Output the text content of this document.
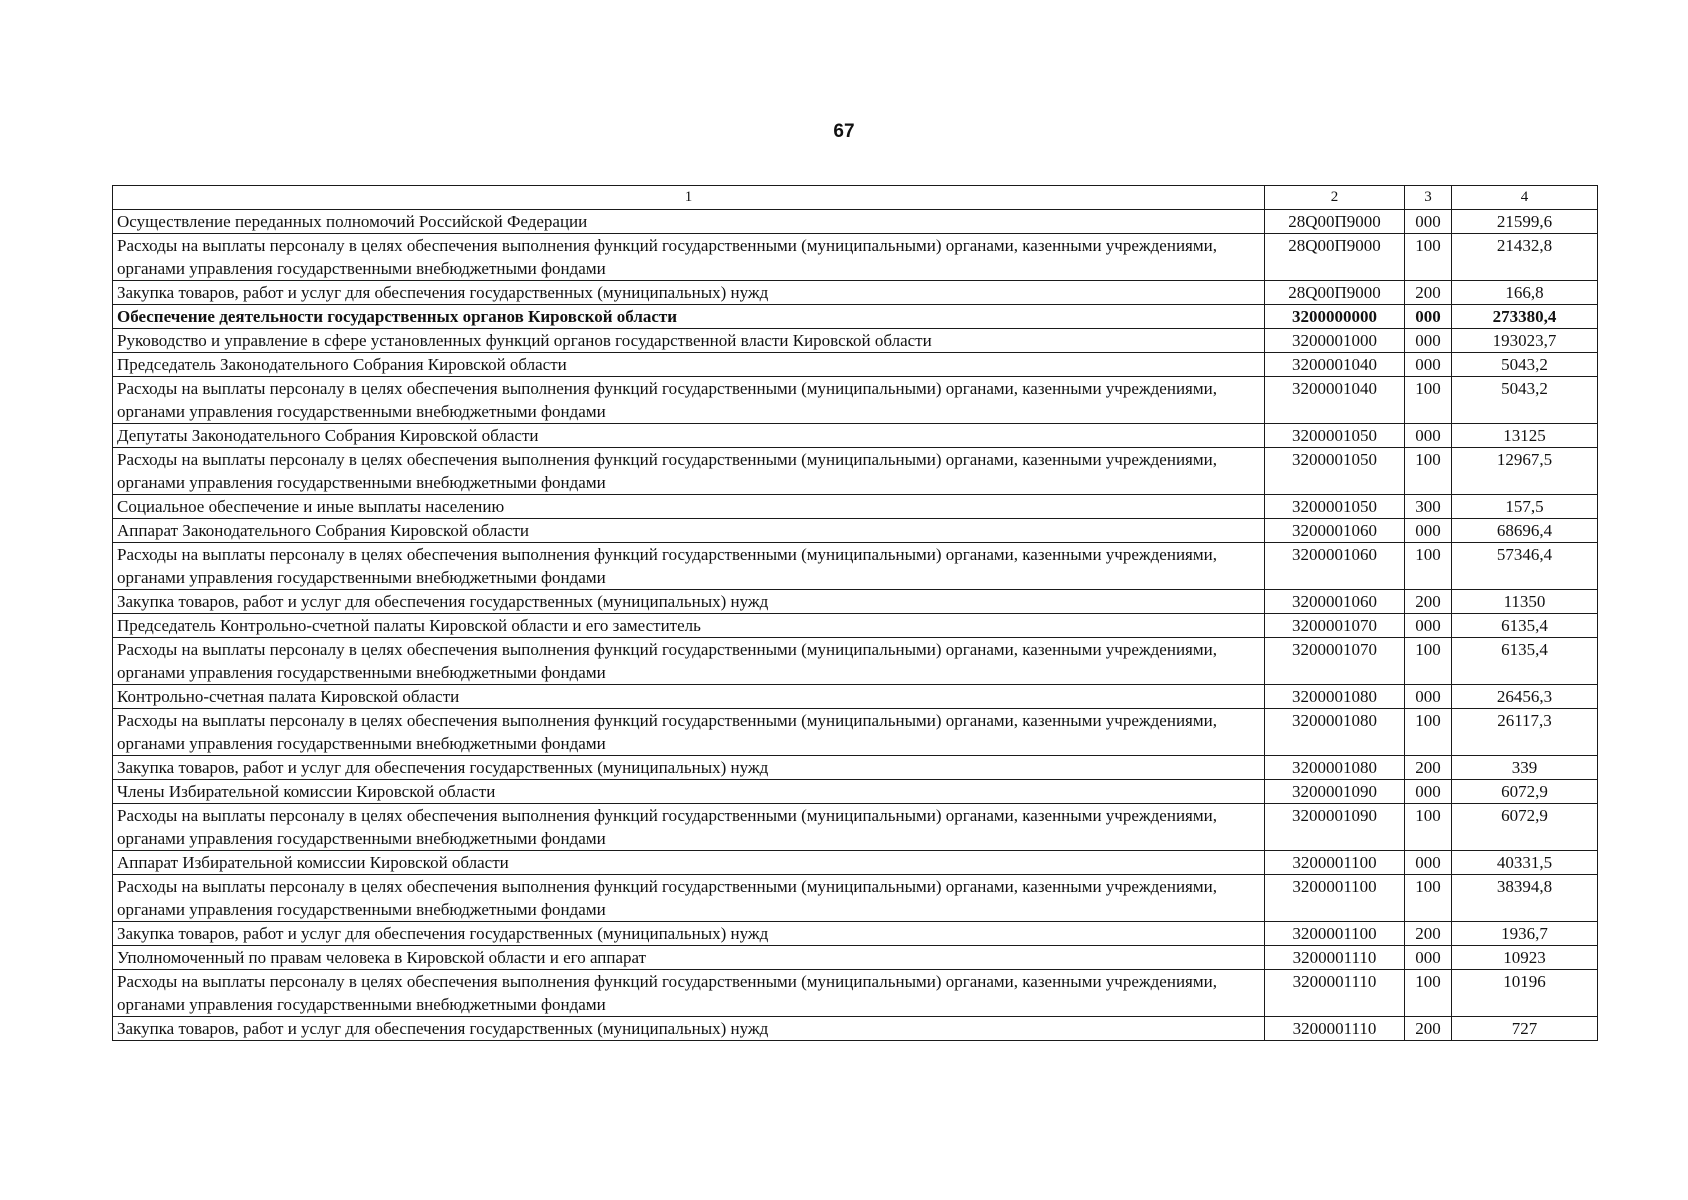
67
1	2	3	4
Осуществление переданных полномочий Российской Федерации	28Q00П9000	000	21599,6
Расходы на выплаты персоналу в целях обеспечения выполнения функций государственными (муниципальными) органами, казенными учреждениями, органами управления государственными внебюджетными фондами	28Q00П9000	100	21432,8
Закупка товаров, работ и услуг для обеспечения государственных (муниципальных) нужд	28Q00П9000	200	166,8
Обеспечение деятельности государственных органов Кировской области	3200000000	000	273380,4
Руководство и управление в сфере установленных функций органов государственной власти Кировской области	3200001000	000	193023,7
Председатель Законодательного Собрания Кировской области	3200001040	000	5043,2
Расходы на выплаты персоналу в целях обеспечения выполнения функций государственными (муниципальными) органами, казенными учреждениями, органами управления государственными внебюджетными фондами	3200001040	100	5043,2
Депутаты Законодательного Собрания Кировской области	3200001050	000	13125
Расходы на выплаты персоналу в целях обеспечения выполнения функций государственными (муниципальными) органами, казенными учреждениями, органами управления государственными внебюджетными фондами	3200001050	100	12967,5
Социальное обеспечение и иные выплаты населению	3200001050	300	157,5
Аппарат Законодательного Собрания Кировской области	3200001060	000	68696,4
Расходы на выплаты персоналу в целях обеспечения выполнения функций государственными (муниципальными) органами, казенными учреждениями, органами управления государственными внебюджетными фондами	3200001060	100	57346,4
Закупка товаров, работ и услуг для обеспечения государственных (муниципальных) нужд	3200001060	200	11350
Председатель Контрольно-счетной палаты Кировской области и его заместитель	3200001070	000	6135,4
Расходы на выплаты персоналу в целях обеспечения выполнения функций государственными (муниципальными) органами, казенными учреждениями, органами управления государственными внебюджетными фондами	3200001070	100	6135,4
Контрольно-счетная палата Кировской области	3200001080	000	26456,3
Расходы на выплаты персоналу в целях обеспечения выполнения функций государственными (муниципальными) органами, казенными учреждениями, органами управления государственными внебюджетными фондами	3200001080	100	26117,3
Закупка товаров, работ и услуг для обеспечения государственных (муниципальных) нужд	3200001080	200	339
Члены Избирательной комиссии Кировской области	3200001090	000	6072,9
Расходы на выплаты персоналу в целях обеспечения выполнения функций государственными (муниципальными) органами, казенными учреждениями, органами управления государственными внебюджетными фондами	3200001090	100	6072,9
Аппарат Избирательной комиссии Кировской области	3200001100	000	40331,5
Расходы на выплаты персоналу в целях обеспечения выполнения функций государственными (муниципальными) органами, казенными учреждениями, органами управления государственными внебюджетными фондами	3200001100	100	38394,8
Закупка товаров, работ и услуг для обеспечения государственных (муниципальных) нужд	3200001100	200	1936,7
Уполномоченный по правам человека в Кировской области и его аппарат	3200001110	000	10923
Расходы на выплаты персоналу в целях обеспечения выполнения функций государственными (муниципальными) органами, казенными учреждениями, органами управления государственными внебюджетными фондами	3200001110	100	10196
Закупка товаров, работ и услуг для обеспечения государственных (муниципальных) нужд	3200001110	200	727
